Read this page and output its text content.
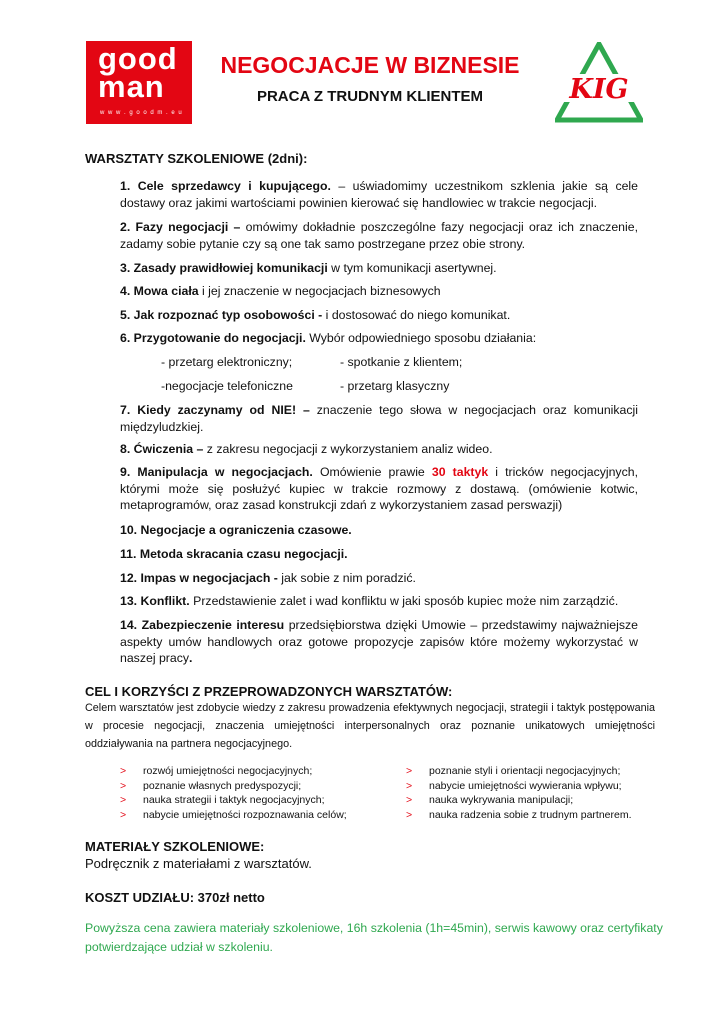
good
man
w w w . g o o d m . e u
NEGOCJACJE W BIZNESIE
PRACA Z TRUDNYM KLIENTEM	KIG
WARSZTATY SZKOLENIOWE (2dni):
1. Cele sprzedawcy i kupującego. – uświadomimy uczestnikom szklenia jakie są cele dostawy oraz jakimi wartościami powinien kierować się handlowiec w trakcie negocjacji.
2. Fazy negocjacji – omówimy dokładnie poszczególne fazy negocjacji oraz ich znaczenie, zadamy sobie pytanie czy są one tak samo postrzegane przez obie strony.
3. Zasady prawidłowiej komunikacji w tym komunikacji asertywnej.
4. Mowa ciała i jej znaczenie w negocjacjach biznesowych
5. Jak rozpoznać typ osobowości - i dostosować do niego komunikat.
6. Przygotowanie do negocjacji. Wybór odpowiedniego sposobu działania:
- przetarg elektroniczny;	- spotkanie z klientem;
-negocjacje telefoniczne	- przetarg klasyczny
7. Kiedy zaczynamy od NIE! – znaczenie tego słowa w negocjacjach oraz komunikacji międzyludzkiej.
8. Ćwiczenia – z zakresu negocjacji z wykorzystaniem analiz wideo.
9. Manipulacja w negocjacjach. Omówienie prawie 30 taktyk i tricków negocjacyjnych, którymi może się posłużyć kupiec w trakcie rozmowy z dostawą. (omówienie kotwic, metaprogramów, oraz zasad konstrukcji zdań z wykorzystaniem zasad perswazji)
10. Negocjacje a ograniczenia czasowe.
11. Metoda skracania czasu negocjacji.
12. Impas w negocjacjach - jak sobie z nim poradzić.
13. Konflikt. Przedstawienie zalet i wad konfliktu w jaki sposób kupiec może nim zarządzić.
14. Zabezpieczenie interesu przedsiębiorstwa dzięki Umowie – przedstawimy najważniejsze aspekty umów handlowych oraz gotowe propozycje zapisów które możemy wykorzystać w naszej pracy.
CEL I KORZYŚCI Z PRZEPROWADZONYCH WARSZTATÓW:
Celem warsztatów jest zdobycie wiedzy z zakresu prowadzenia efektywnych negocjacji, strategii i taktyk postępowania w procesie negocjacji, znaczenia umiejętności interpersonalnych oraz poznanie unikatowych umiejętności oddziaływania na partnera negocjacyjnego.
> rozwój umiejętności negocjacyjnych;
> poznanie własnych predyspozycji;
> nauka strategii i taktyk negocjacyjnych;
> nabycie umiejętności rozpoznawania celów;
> poznanie styli i orientacji negocjacyjnych;
> nabycie umiejętności wywierania wpływu;
> nauka wykrywania manipulacji;
> nauka radzenia sobie z trudnym partnerem.
MATERIAŁY SZKOLENIOWE:
Podręcznik z materiałami z warsztatów.
KOSZT UDZIAŁU: 370zł netto
Powyższa cena zawiera materiały szkoleniowe, 16h szkolenia (1h=45min), serwis kawowy oraz certyfikaty potwierdzające udział w szkoleniu.
